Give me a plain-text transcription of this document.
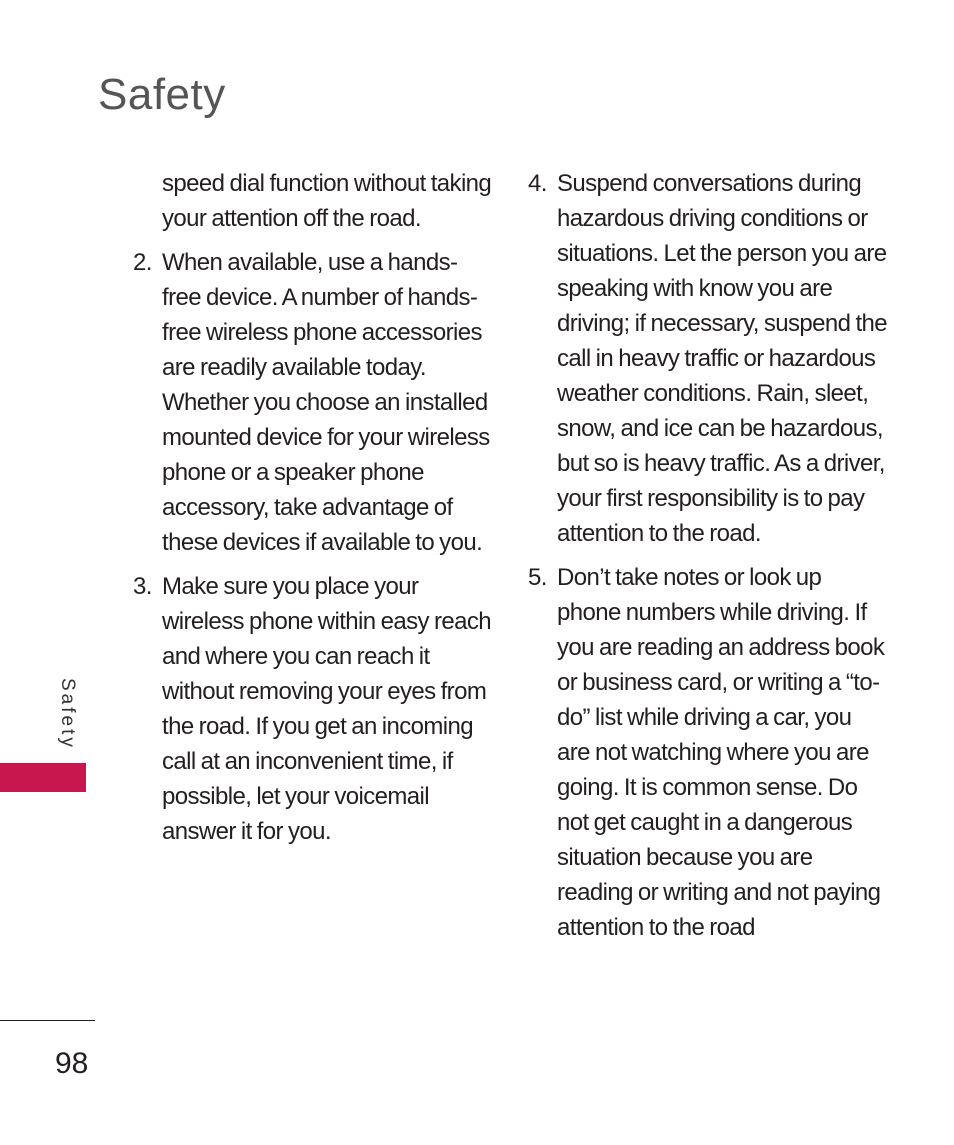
Safety

speed dial function without taking your attention off the road.

2. When available, use a hands-free device. A number of hands-free wireless phone accessories are readily available today. Whether you choose an installed mounted device for your wireless phone or a speaker phone accessory, take advantage of these devices if available to you.
3. Make sure you place your wireless phone within easy reach and where you can reach it without removing your eyes from the road. If you get an incoming call at an inconvenient time, if possible, let your voicemail answer it for you.
4. Suspend conversations during hazardous driving conditions or situations. Let the person you are speaking with know you are driving; if necessary, suspend the call in heavy traffic or hazardous weather conditions. Rain, sleet, snow, and ice can be hazardous, but so is heavy traffic. As a driver, your first responsibility is to pay attention to the road.
5. Don’t take notes or look up phone numbers while driving. If you are reading an address book or business card, or writing a “to-do” list while driving a car, you are not watching where you are going. It is common sense. Do not get caught in a dangerous situation because you are reading or writing and not paying attention to the road
Safety
98
